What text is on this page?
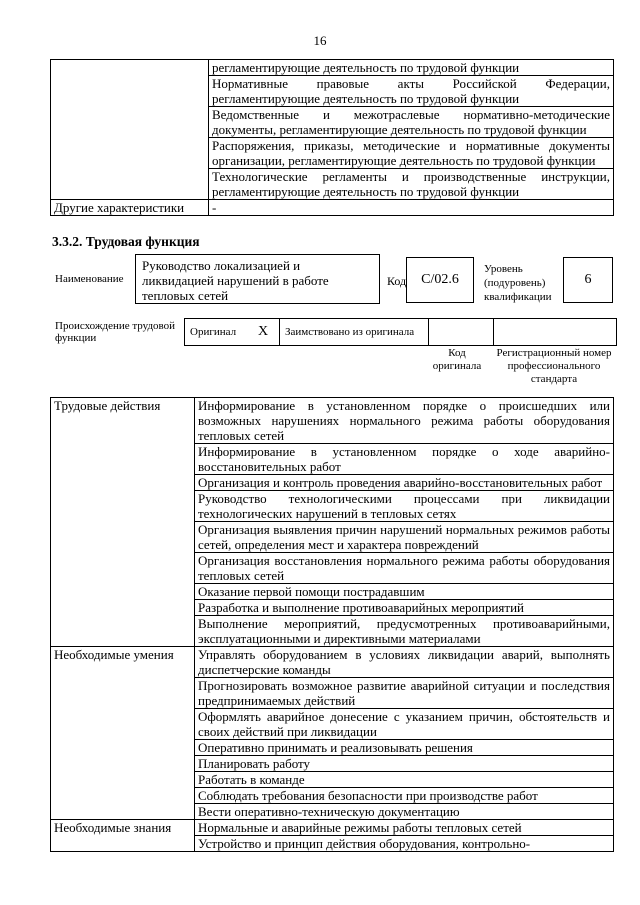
16
	регламентирующие деятельность по трудовой функции
	Нормативные правовые акты Российской Федерации, регламентирующие деятельность по трудовой функции
	Ведомственные и межотраслевые нормативно-методические документы, регламентирующие деятельность по трудовой функции
	Распоряжения, приказы, методические и нормативные документы организации, регламентирующие деятельность по трудовой функции
	Технологические регламенты и производственные инструкции, регламентирующие деятельность по трудовой функции
Другие характеристики	-
3.3.2. Трудовая функция
Наименование
Руководство локализацией и ликвидацией нарушений в работе тепловых сетей
Код	С/02.6
Уровень (подуровень) квалификации
6
Происхождение трудовой функции	Оригинал	X	Заимствовано из оригинала		
Код оригинала
Регистрационный номер профессионального стандарта
Трудовые действия	Информирование в установленном порядке о происшедших или возможных нарушениях нормального режима работы оборудования тепловых сетей
	Информирование в установленном порядке о ходе аварийно-восстановительных работ
	Организация и контроль проведения аварийно-восстановительных работ
	Руководство технологическими процессами при ликвидации технологических нарушений в тепловых сетях
	Организация выявления причин нарушений нормальных режимов работы сетей, определения мест и характера повреждений
	Организация восстановления нормального режима работы оборудования тепловых сетей
	Оказание первой помощи пострадавшим
	Разработка и выполнение противоаварийных мероприятий
	Выполнение мероприятий, предусмотренных противоаварийными, эксплуатационными и директивными материалами
Необходимые умения	Управлять оборудованием в условиях ликвидации аварий, выполнять диспетчерские команды
	Прогнозировать возможное развитие аварийной ситуации и последствия предпринимаемых действий
	Оформлять аварийное донесение с указанием причин, обстоятельств и своих действий при ликвидации
	Оперативно принимать и реализовывать решения
	Планировать работу
	Работать в команде
	Соблюдать требования безопасности при производстве работ
	Вести оперативно-техническую документацию
Необходимые знания	Нормальные и аварийные режимы работы тепловых сетей
	Устройство и принцип действия оборудования, контрольно-
